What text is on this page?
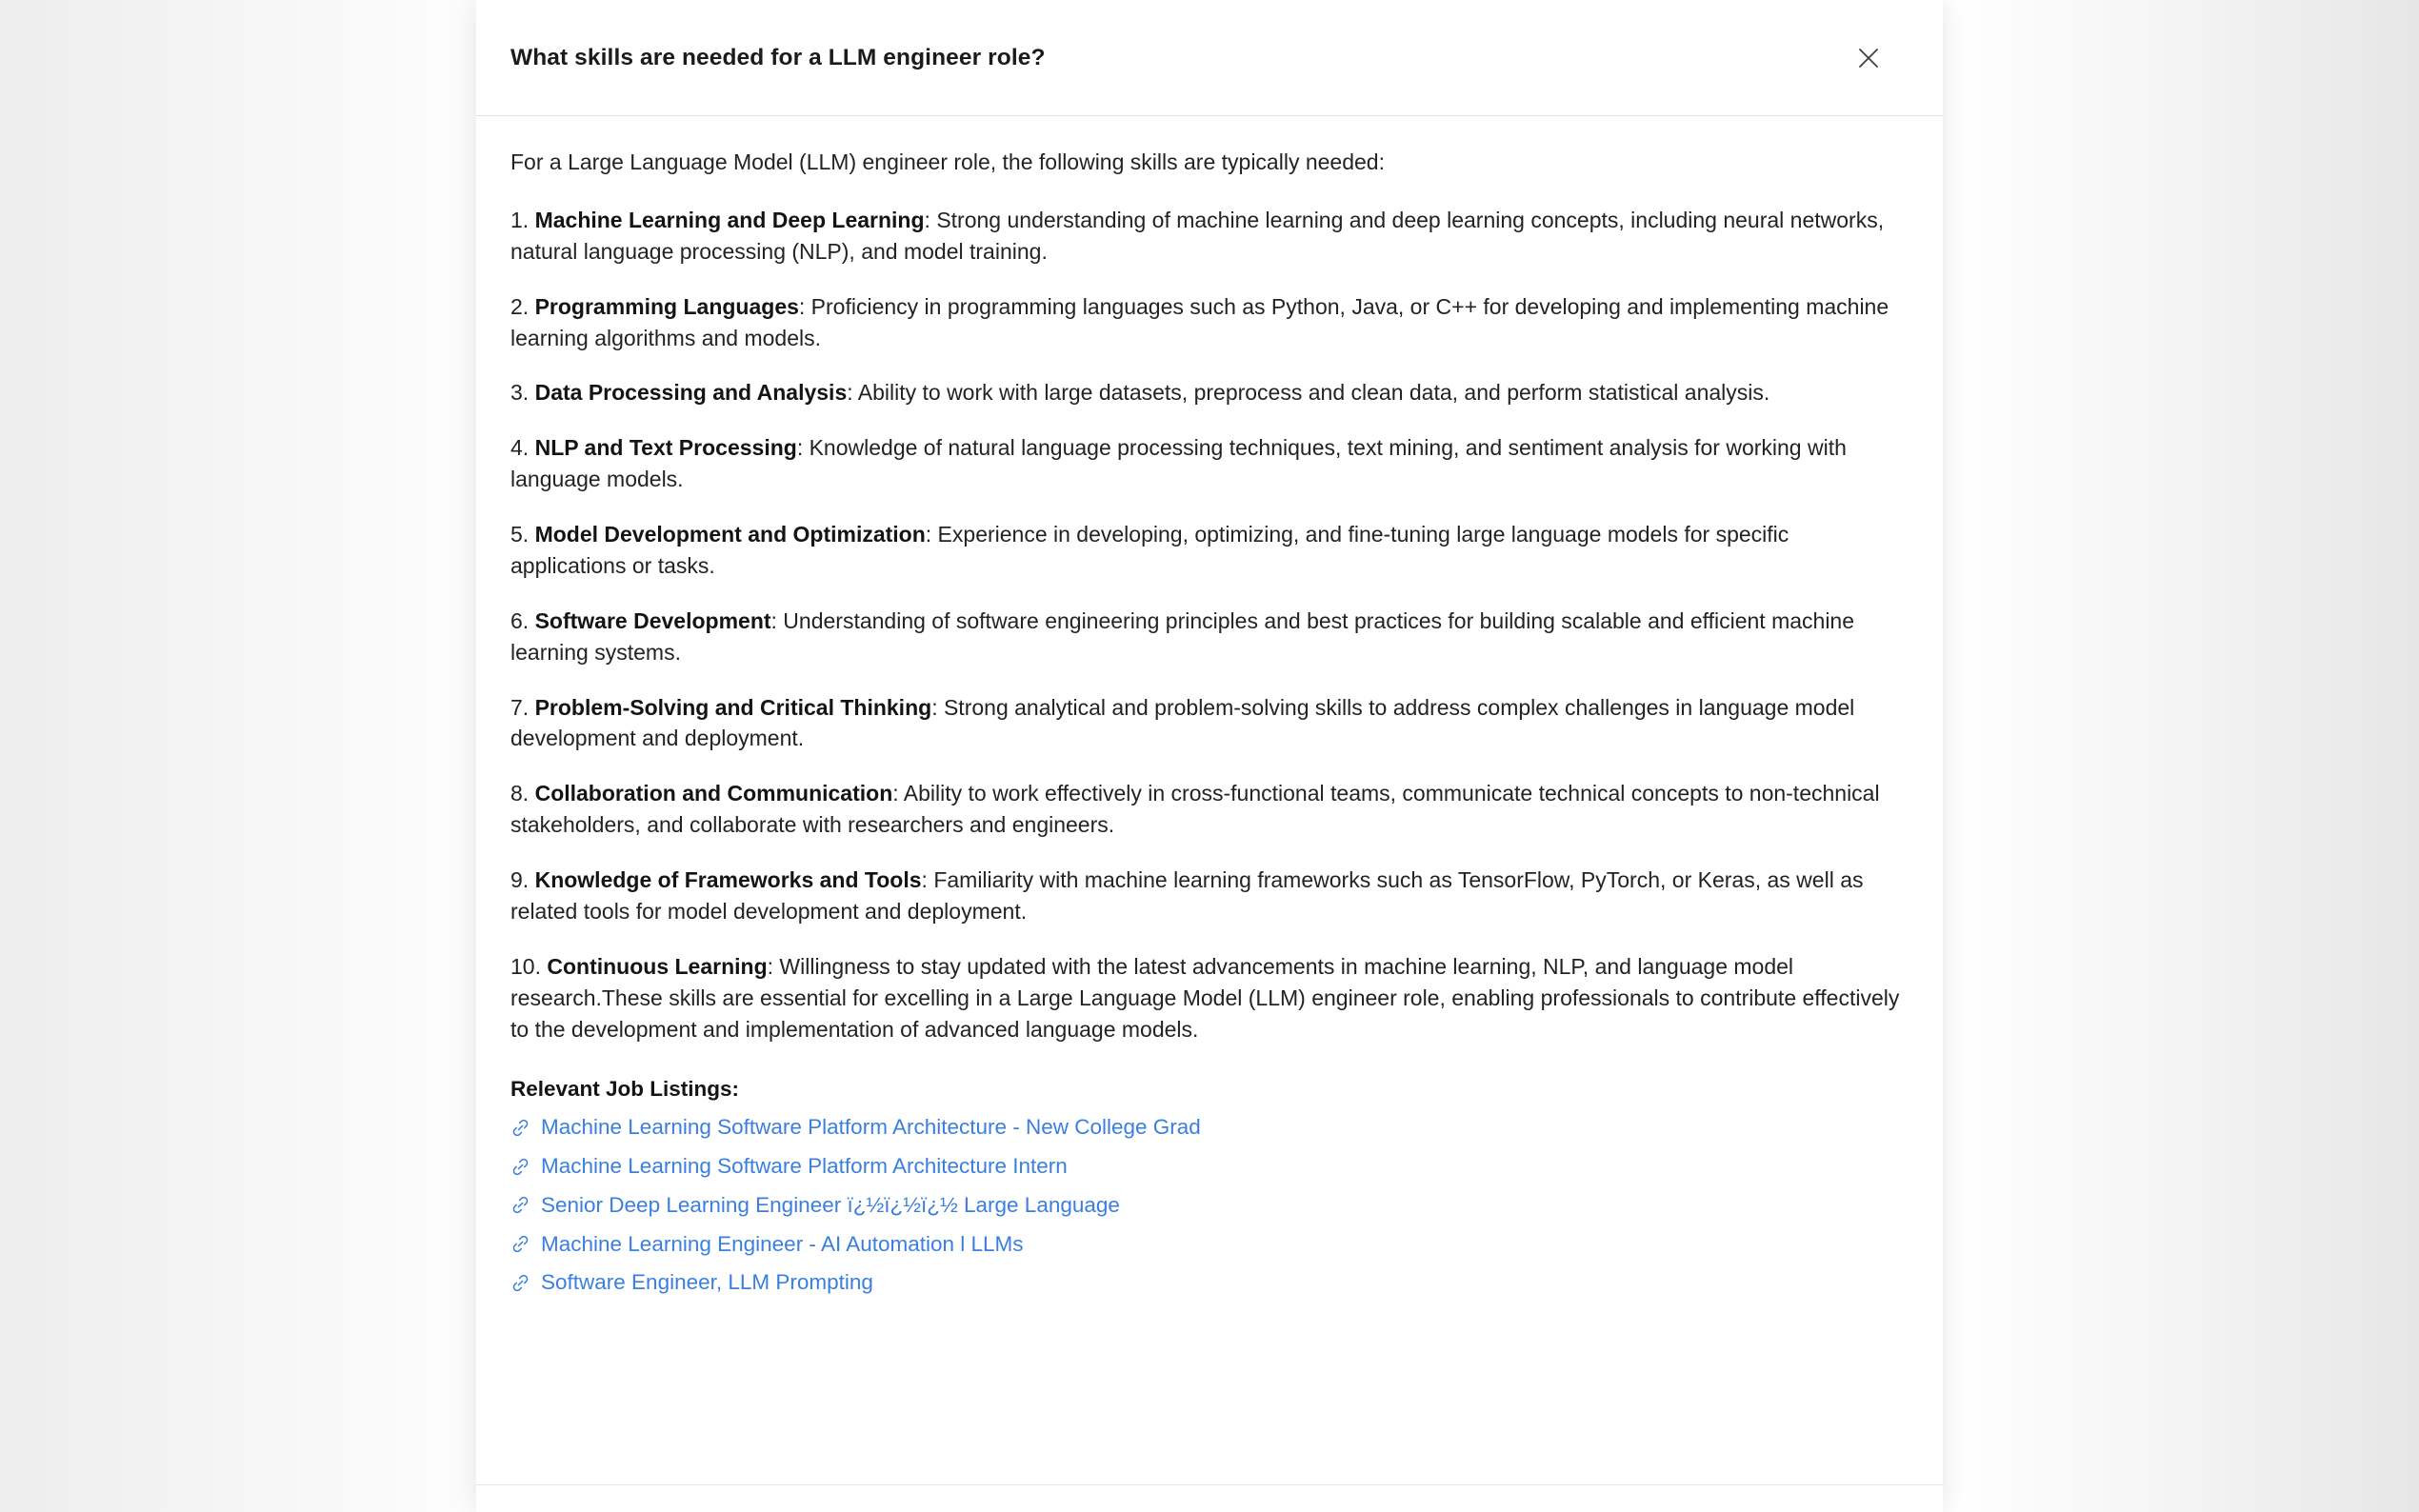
What skills are needed for a LLM engineer role?

For a Large Language Model (LLM) engineer role, the following skills are typically needed:

1. Machine Learning and Deep Learning: Strong understanding of machine learning and deep learning concepts, including neural networks, natural language processing (NLP), and model training.

2. Programming Languages: Proficiency in programming languages such as Python, Java, or C++ for developing and implementing machine learning algorithms and models.

3. Data Processing and Analysis: Ability to work with large datasets, preprocess and clean data, and perform statistical analysis.

4. NLP and Text Processing: Knowledge of natural language processing techniques, text mining, and sentiment analysis for working with language models.

5. Model Development and Optimization: Experience in developing, optimizing, and fine-tuning large language models for specific applications or tasks.

6. Software Development: Understanding of software engineering principles and best practices for building scalable and efficient machine learning systems.

7. Problem-Solving and Critical Thinking: Strong analytical and problem-solving skills to address complex challenges in language model development and deployment.

8. Collaboration and Communication: Ability to work effectively in cross-functional teams, communicate technical concepts to non-technical stakeholders, and collaborate with researchers and engineers.

9. Knowledge of Frameworks and Tools: Familiarity with machine learning frameworks such as TensorFlow, PyTorch, or Keras, as well as related tools for model development and deployment.

10. Continuous Learning: Willingness to stay updated with the latest advancements in machine learning, NLP, and language model research.These skills are essential for excelling in a Large Language Model (LLM) engineer role, enabling professionals to contribute effectively to the development and implementation of advanced language models.

Relevant Job Listings:
Machine Learning Software Platform Architecture - New College Grad
Machine Learning Software Platform Architecture Intern
Senior Deep Learning Engineer ï¿½ï¿½ï¿½ Large Language
Machine Learning Engineer - AI Automation l LLMs
Software Engineer, LLM Prompting
